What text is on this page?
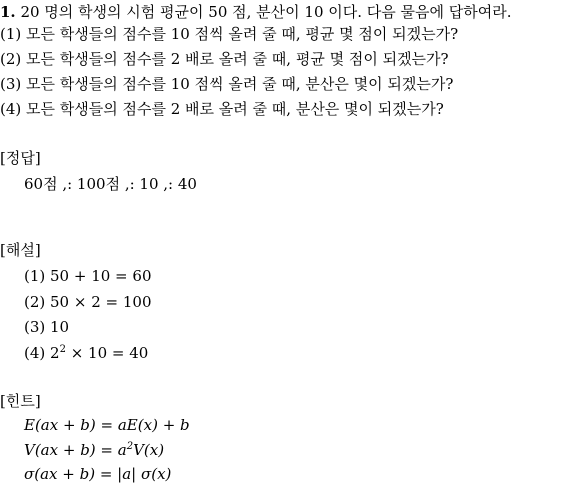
1. 20 명의 학생의 시험 평균이 50 점, 분산이 10 이다. 다음 물음에 답하여라.
(1) 모든 학생들의 점수를 10 점씩 올려 줄 때, 평균 몇 점이 되겠는가?
(2) 모든 학생들의 점수를 2 배로 올려 줄 때, 평균 몇 점이 되겠는가?
(3) 모든 학생들의 점수를 10 점씩 올려 줄 때, 분산은 몇이 되겠는가?
(4) 모든 학생들의 점수를 2 배로 올려 줄 때, 분산은 몇이 되겠는가?
[정답]
60점 ,: 100점 ,: 10 ,: 40
[해설]
(1) 50 + 10 = 60
(2) 50 × 2 = 100
(3) 10
(4) $2^2 \times 10 = 40$
[힌트]
E(ax + b) = aE(x) + b
$V(ax + b) = a^2V(x)$
σ(ax + b) = |a| σ(x)
